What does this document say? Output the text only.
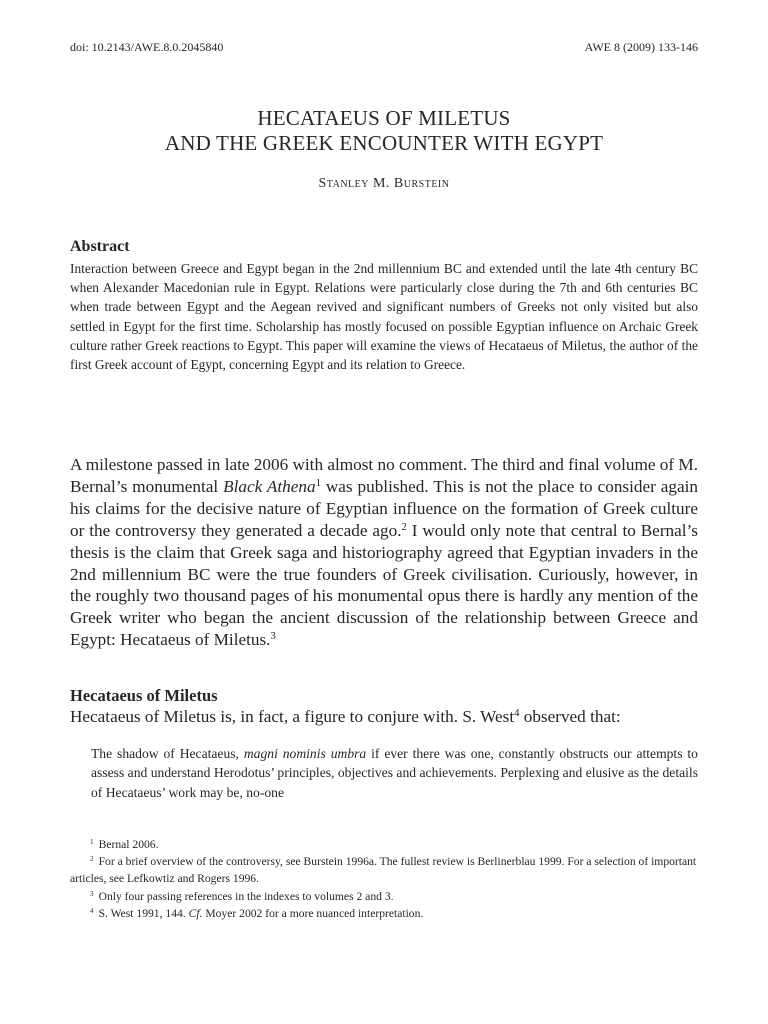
doi: 10.2143/AWE.8.0.2045840	AWE 8 (2009) 133-146
HECATAEUS OF MILETUS
AND THE GREEK ENCOUNTER WITH EGYPT
Stanley M. Burstein
Abstract
Interaction between Greece and Egypt began in the 2nd millennium BC and extended until the late 4th century BC when Alexander Macedonian rule in Egypt. Relations were particularly close during the 7th and 6th centuries BC when trade between Egypt and the Aegean revived and significant numbers of Greeks not only visited but also settled in Egypt for the first time. Scholarship has mostly focused on possible Egyptian influence on Archaic Greek culture rather Greek reactions to Egypt. This paper will examine the views of Hecataeus of Miletus, the author of the first Greek account of Egypt, concerning Egypt and its relation to Greece.
A milestone passed in late 2006 with almost no comment. The third and final volume of M. Bernal’s monumental Black Athena$^1$ was published. This is not the place to consider again his claims for the decisive nature of Egyptian influence on the formation of Greek culture or the controversy they generated a decade ago.$^2$ I would only note that central to Bernal’s thesis is the claim that Greek saga and historiography agreed that Egyptian invaders in the 2nd millennium BC were the true founders of Greek civilisation. Curiously, however, in the roughly two thousand pages of his monumental opus there is hardly any mention of the Greek writer who began the ancient discussion of the relationship between Greece and Egypt: Hecataeus of Miletus.$^3$
Hecataeus of Miletus
Hecataeus of Miletus is, in fact, a figure to conjure with. S. West$^4$ observed that:
The shadow of Hecataeus, magni nominis umbra if ever there was one, constantly obstructs our attempts to assess and understand Herodotus’ principles, objectives and achievements. Perplexing and elusive as the details of Hecataeus’ work may be, no-one
$^1$ Bernal 2006.
$^2$ For a brief overview of the controversy, see Burstein 1996a. The fullest review is Berlinerblau 1999. For a selection of important articles, see Lefkowtiz and Rogers 1996.
$^3$ Only four passing references in the indexes to volumes 2 and 3.
$^4$ S. West 1991, 144. Cf. Moyer 2002 for a more nuanced interpretation.
